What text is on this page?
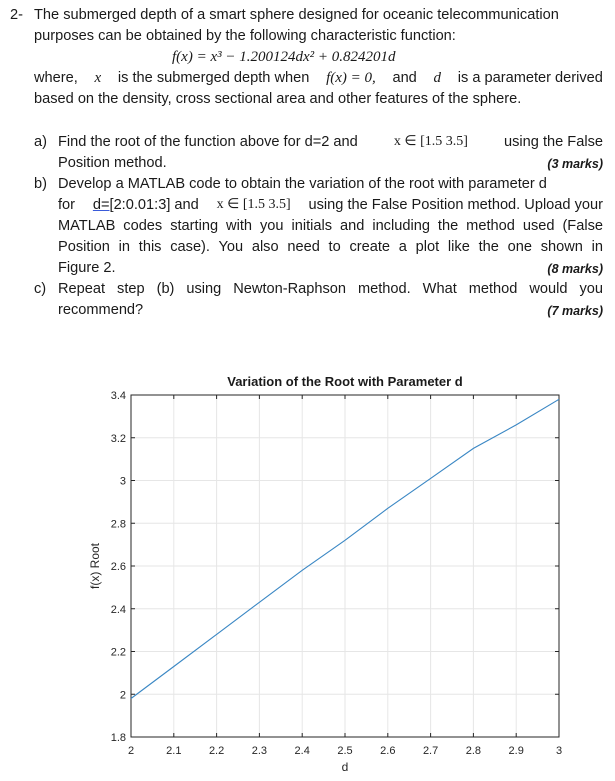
2- The submerged depth of a smart sphere designed for oceanic telecommunication
purposes can be obtained by the following characteristic function:
f(x) = x³ − 1.200124dx² + 0.824201d
where, x is the submerged depth when f(x) = 0, and d is a parameter derived
based on the density, cross sectional area and other features of the sphere.
a) Find the root of the function above for d=2 and	x ∈ [1.5 3.5] using the False
Position method.	(3 marks)
b) Develop a MATLAB code to obtain the variation of the root with parameter d
for d=[2:0.01:3] and x ∈ [1.5 3.5] using the False Position method. Upload your
MATLAB codes starting with you initials and including the method used (False
Position in this case). You also need to create a plot like the one shown in
Figure 2.	(8 marks)
c) Repeat step (b) using Newton-Raphson method. What method would you
recommend?	(7 marks)
2	2.1	2.2	2.3	2.4	2.5	2.6	2.7	2.8	2.9	3
1.8
2
2.2
2.4
2.6
2.8
3
3.2
3.4
Variation of the Root with Parameter d
d
f(x) Root
